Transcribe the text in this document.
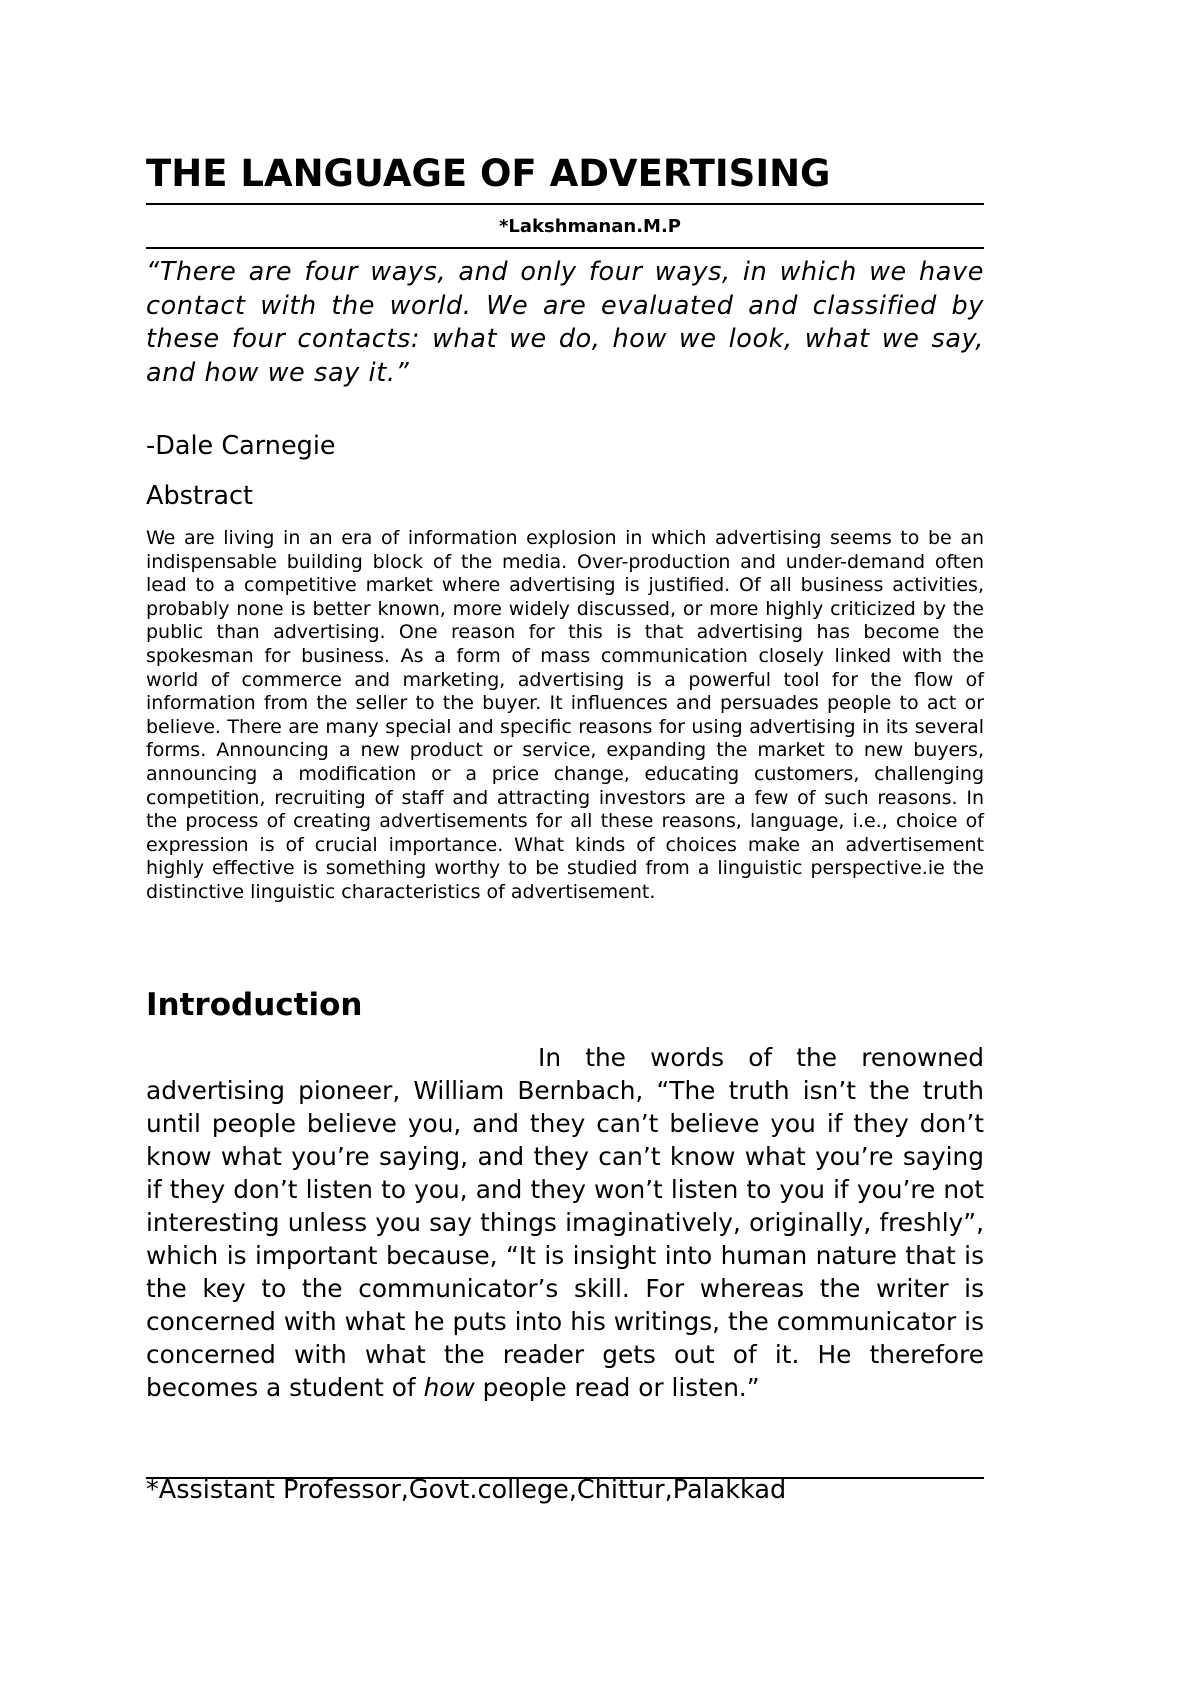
THE LANGUAGE OF ADVERTISING
*Lakshmanan.M.P

“There are four ways, and only four ways, in which we have contact with the world. We are evaluated and classified by these four contacts: what we do, how we look, what we say, and how we say it.”

-Dale Carnegie
Abstract

We are living in an era of information explosion in which advertising seems to be an indispensable building block of the media. Over-production and under-demand often lead to a competitive market where advertising is justified. Of all business activities, probably none is better known, more widely discussed, or more highly criticized by the public than advertising. One reason for this is that advertising has become the spokesman for business. As a form of mass communication closely linked with the world of commerce and marketing, advertising is a powerful tool for the flow of information from the seller to the buyer. It influences and persuades people to act or believe. There are many special and specific reasons for using advertising in its several forms. Announcing a new product or service, expanding the market to new buyers, announcing a modification or a price change, educating customers, challenging competition, recruiting of staff and attracting investors are a few of such reasons. In the process of creating advertisements for all these reasons, language, i.e., choice of expression is of crucial importance. What kinds of choices make an advertisement highly effective is something worthy to be studied from a linguistic perspective.ie the distinctive linguistic characteristics of advertisement.

Introduction

In the words of the renowned advertising pioneer, William Bernbach, “The truth isn’t the truth until people believe you, and they can’t believe you if they don’t know what you’re saying, and they can’t know what you’re saying if they don’t listen to you, and they won’t listen to you if you’re not interesting unless you say things imaginatively, originally, freshly”, which is important because, “It is insight into human nature that is the key to the communicator’s skill. For whereas the writer is concerned with what he puts into his writings, the communicator is concerned with what the reader gets out of it. He therefore becomes a student of how people read or listen.”

*Assistant Professor,Govt.college,Chittur,Palakkad
